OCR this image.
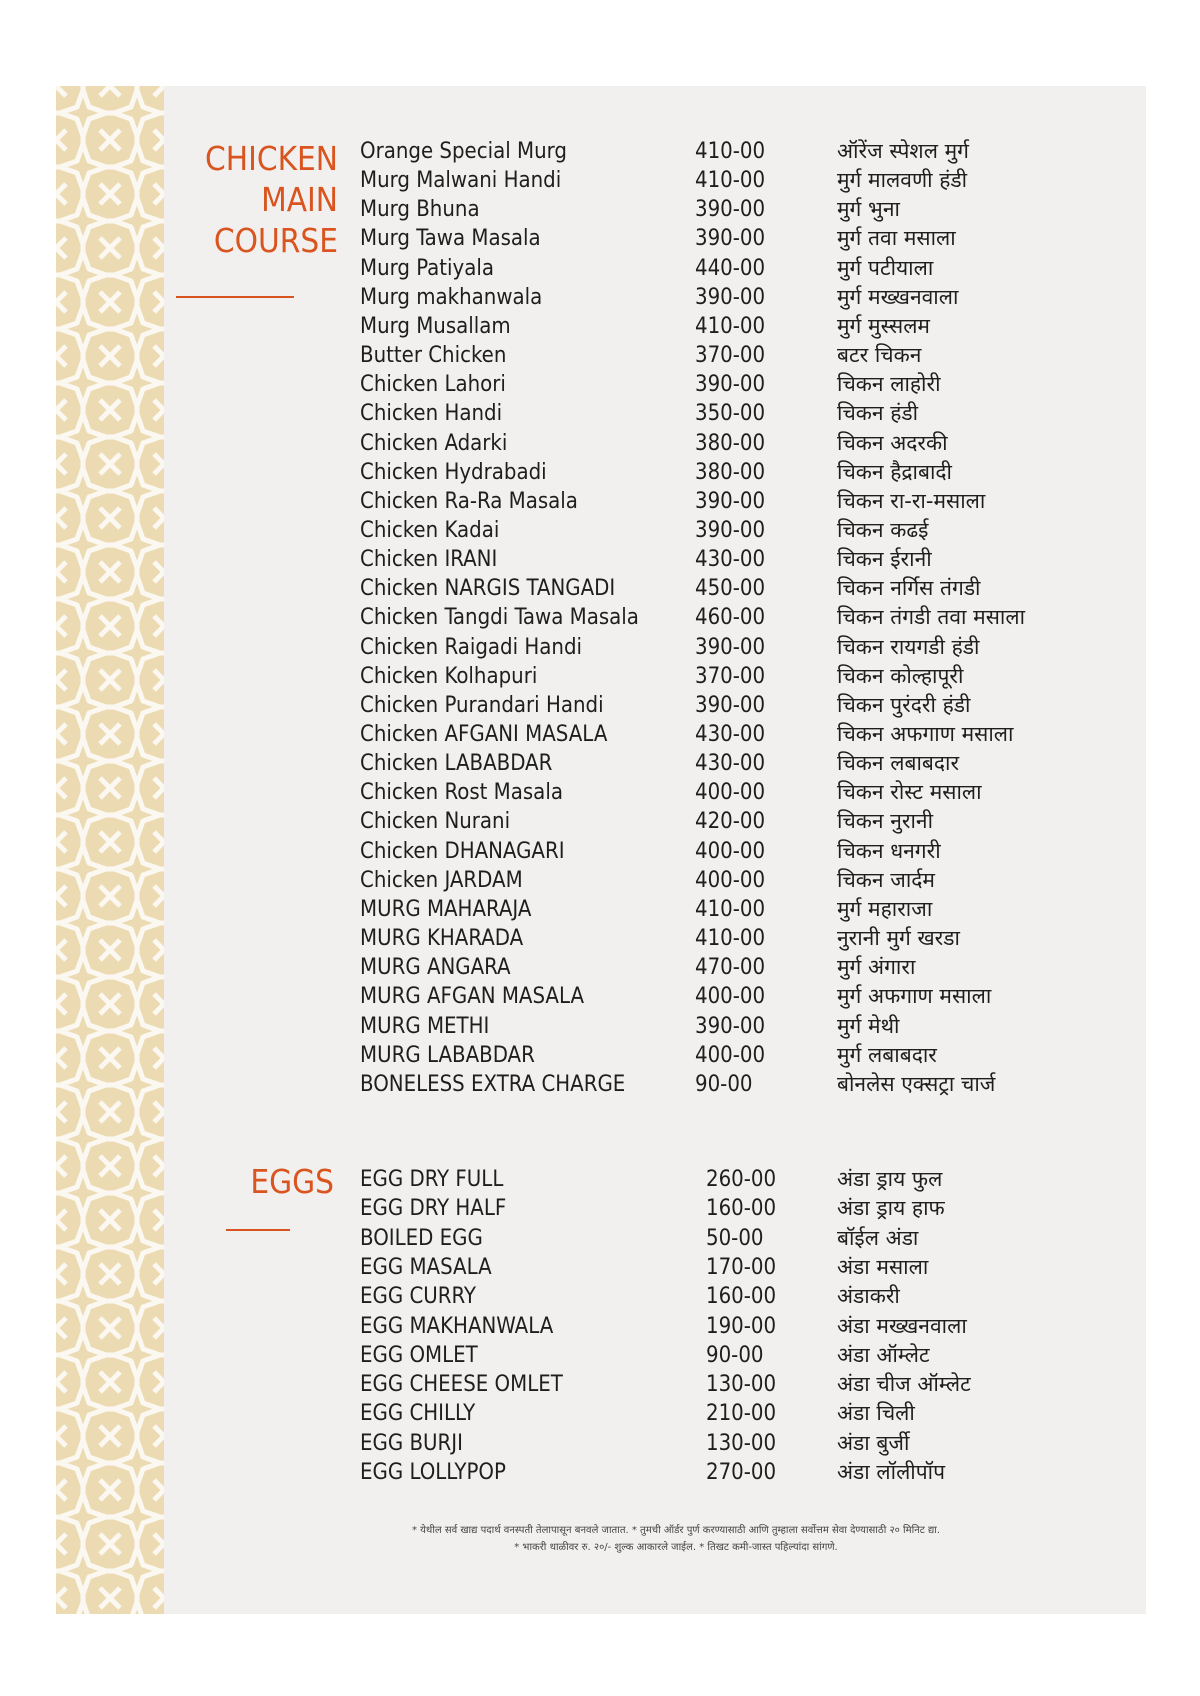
CHICKEN
MAIN
COURSE
EGGS
Orange Special Murg	410-00	ऑरेंज स्पेशल मुर्ग
Murg Malwani Handi	410-00	मुर्ग मालवणी हंडी
Murg Bhuna	390-00	मुर्ग भुना
Murg Tawa Masala	390-00	मुर्ग तवा मसाला
Murg Patiyala	440-00	मुर्ग पटीयाला
Murg makhanwala	390-00	मुर्ग मख्खनवाला
Murg Musallam	410-00	मुर्ग मुस्सलम
Butter Chicken	370-00	बटर चिकन
Chicken Lahori	390-00	चिकन लाहोरी
Chicken Handi	350-00	चिकन हंडी
Chicken Adarki	380-00	चिकन अदरकी
Chicken Hydrabadi	380-00	चिकन हैद्राबादी
Chicken Ra-Ra Masala	390-00	चिकन रा-रा-मसाला
Chicken Kadai	390-00	चिकन कढई
Chicken IRANI	430-00	चिकन ईरानी
Chicken NARGIS TANGADI	450-00	चिकन नर्गिस तंगडी
Chicken Tangdi Tawa Masala	460-00	चिकन तंगडी तवा मसाला
Chicken Raigadi Handi	390-00	चिकन रायगडी हंडी
Chicken Kolhapuri	370-00	चिकन कोल्हापूरी
Chicken Purandari Handi	390-00	चिकन पुरंदरी हंडी
Chicken AFGANI MASALA	430-00	चिकन अफगाण मसाला
Chicken LABABDAR	430-00	चिकन लबाबदार
Chicken Rost Masala	400-00	चिकन रोस्ट मसाला
Chicken Nurani	420-00	चिकन नुरानी
Chicken DHANAGARI	400-00	चिकन धनगरी
Chicken JARDAM	400-00	चिकन जार्दम
MURG MAHARAJA	410-00	मुर्ग महाराजा
MURG KHARADA	410-00	नुरानी मुर्ग खरडा
MURG ANGARA	470-00	मुर्ग अंगारा
MURG AFGAN MASALA	400-00	मुर्ग अफगाण मसाला
MURG METHI	390-00	मुर्ग मेथी
MURG LABABDAR	400-00	मुर्ग लबाबदार
BONELESS EXTRA CHARGE	90-00	बोनलेस एक्सट्रा चार्ज
EGG DRY FULL	260-00	अंडा ड्राय फुल
EGG DRY HALF	160-00	अंडा ड्राय हाफ
BOILED EGG	50-00	बॉईल अंडा
EGG MASALA	170-00	अंडा मसाला
EGG CURRY	160-00	अंडाकरी
EGG MAKHANWALA	190-00	अंडा मख्खनवाला
EGG OMLET	90-00	अंडा ऑम्लेट
EGG CHEESE OMLET	130-00	अंडा चीज ऑम्लेट
EGG CHILLY	210-00	अंडा चिली
EGG BURJI	130-00	अंडा बुर्जी
EGG LOLLYPOP	270-00	अंडा लॉलीपॉप
* येथील सर्व खाद्य पदार्थ वनस्पती तेलापासून बनवले जातात. * तुमची ऑर्डर पुर्ण करण्यासाठी आणि तुम्हाला सर्वोत्तम सेवा देण्यासाठी २० मिनिट द्या.
* भाकरी थाळीवर रु. २०/- शुल्क आकारले जाईल. * तिखट कमी-जास्त पहिल्यांदा सांगणे.
